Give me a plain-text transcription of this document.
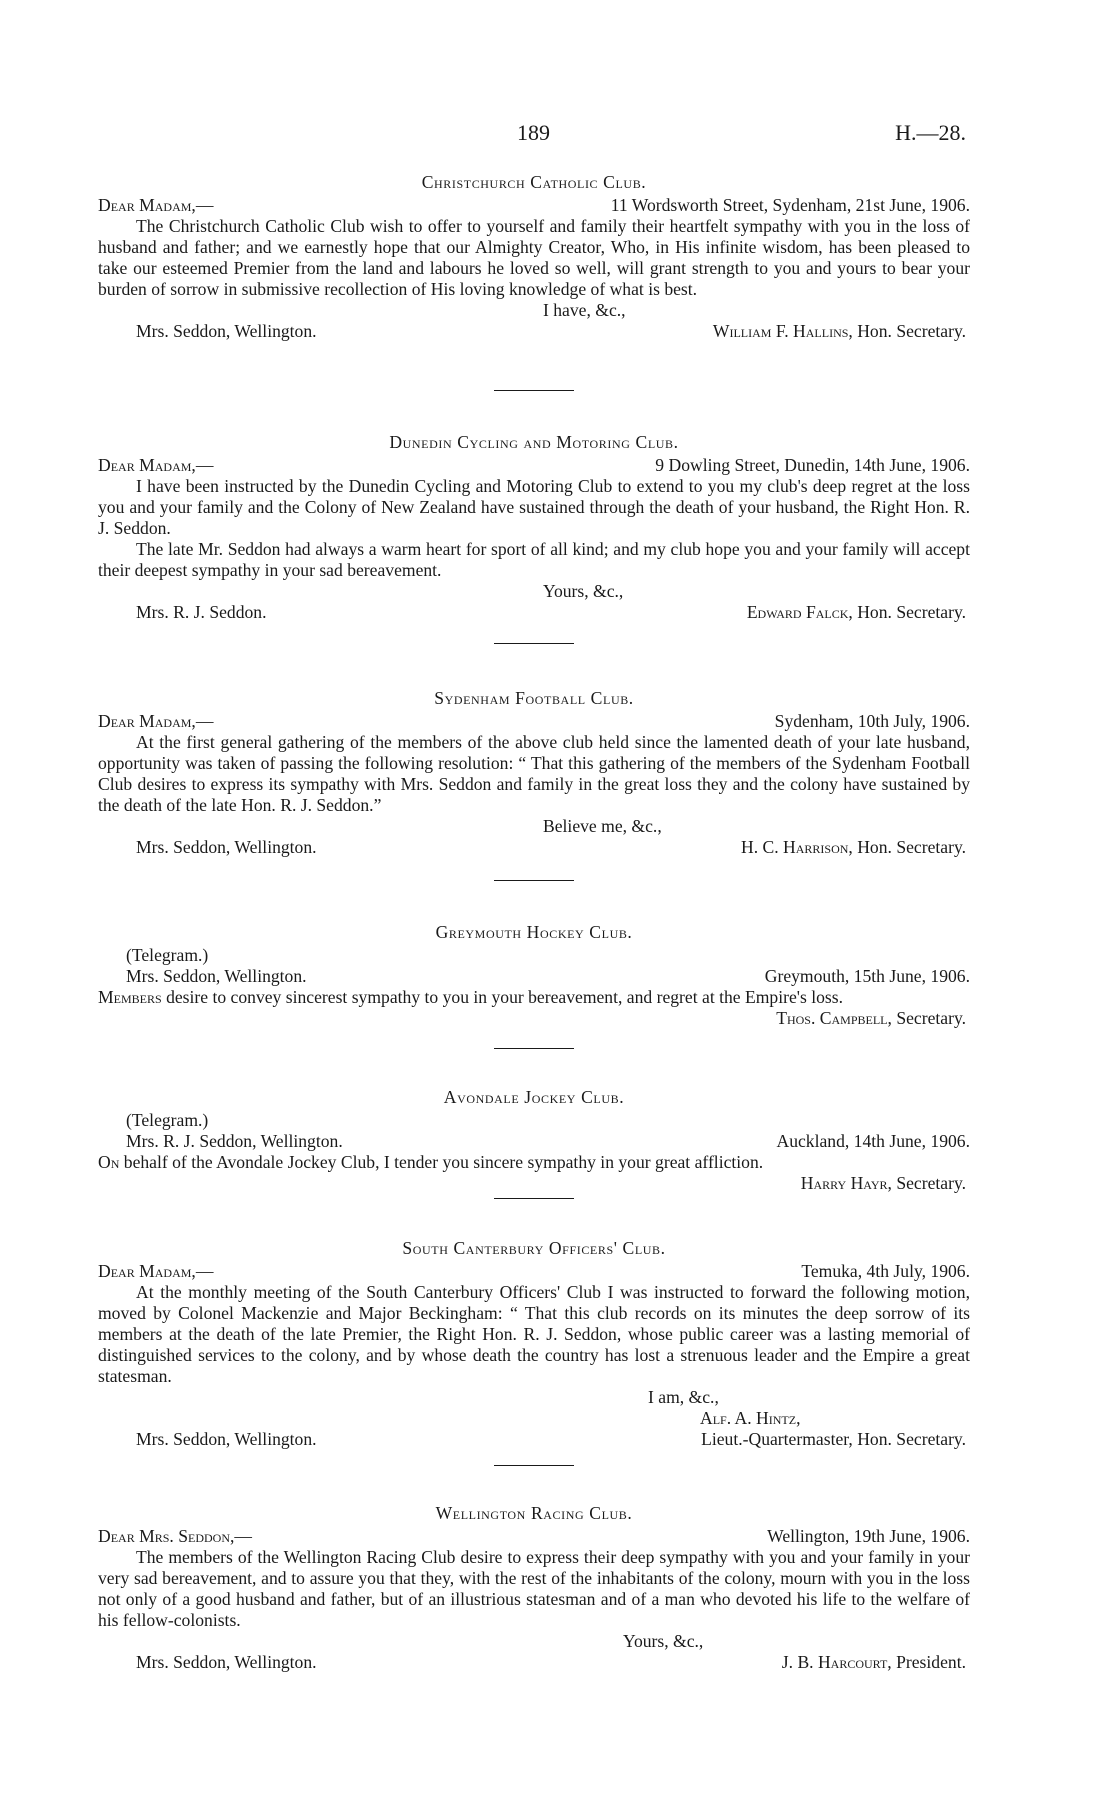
189	H.—28.
Christchurch Catholic Club.
Dear Madam,—	11 Wordsworth Street, Sydenham, 21st June, 1906.

The Christchurch Catholic Club wish to offer to yourself and family their heartfelt sympathy with you in the loss of husband and father; and we earnestly hope that our Almighty Creator, Who, in His infinite wisdom, has been pleased to take our esteemed Premier from the land and labours he loved so well, will grant strength to you and yours to bear your burden of sorrow in submissive recollection of His loving knowledge of what is best.

I have, &c.,
Mrs. Seddon, Wellington.	William F. Hallins, Hon. Secretary.
Dunedin Cycling and Motoring Club.
Dear Madam,—	9 Dowling Street, Dunedin, 14th June, 1906.

I have been instructed by the Dunedin Cycling and Motoring Club to extend to you my club's deep regret at the loss you and your family and the Colony of New Zealand have sustained through the death of your husband, the Right Hon. R. J. Seddon.

The late Mr. Seddon had always a warm heart for sport of all kind; and my club hope you and your family will accept their deepest sympathy in your sad bereavement.

Yours, &c.,
Mrs. R. J. Seddon.	Edward Falck, Hon. Secretary.
Sydenham Football Club.
Dear Madam,—	Sydenham, 10th July, 1906.

At the first general gathering of the members of the above club held since the lamented death of your late husband, opportunity was taken of passing the following resolution: “ That this gathering of the members of the Sydenham Football Club desires to express its sympathy with Mrs. Seddon and family in the great loss they and the colony have sustained by the death of the late Hon. R. J. Seddon.”

Believe me, &c.,
Mrs. Seddon, Wellington.	H. C. Harrison, Hon. Secretary.
Greymouth Hockey Club.
(Telegram.)
Mrs. Seddon, Wellington.	Greymouth, 15th June, 1906.

Members desire to convey sincerest sympathy to you in your bereavement, and regret at the Empire's loss.

Thos. Campbell, Secretary.
Avondale Jockey Club.
(Telegram.)
Mrs. R. J. Seddon, Wellington.	Auckland, 14th June, 1906.

On behalf of the Avondale Jockey Club, I tender you sincere sympathy in your great affliction.

Harry Hayr, Secretary.
South Canterbury Officers' Club.
Dear Madam,—	Temuka, 4th July, 1906.

At the monthly meeting of the South Canterbury Officers' Club I was instructed to forward the following motion, moved by Colonel Mackenzie and Major Beckingham: “ That this club records on its minutes the deep sorrow of its members at the death of the late Premier, the Right Hon. R. J. Seddon, whose public career was a lasting memorial of distinguished services to the colony, and by whose death the country has lost a strenuous leader and the Empire a great statesman.

I am, &c.,
Alf. A. Hintz,
Mrs. Seddon, Wellington.	Lieut.-Quartermaster, Hon. Secretary.
Wellington Racing Club.
Dear Mrs. Seddon,—	Wellington, 19th June, 1906.

The members of the Wellington Racing Club desire to express their deep sympathy with you and your family in your very sad bereavement, and to assure you that they, with the rest of the inhabitants of the colony, mourn with you in the loss not only of a good husband and father, but of an illustrious statesman and of a man who devoted his life to the welfare of his fellow-colonists.

Yours, &c.,
Mrs. Seddon, Wellington.	J. B. Harcourt, President.
